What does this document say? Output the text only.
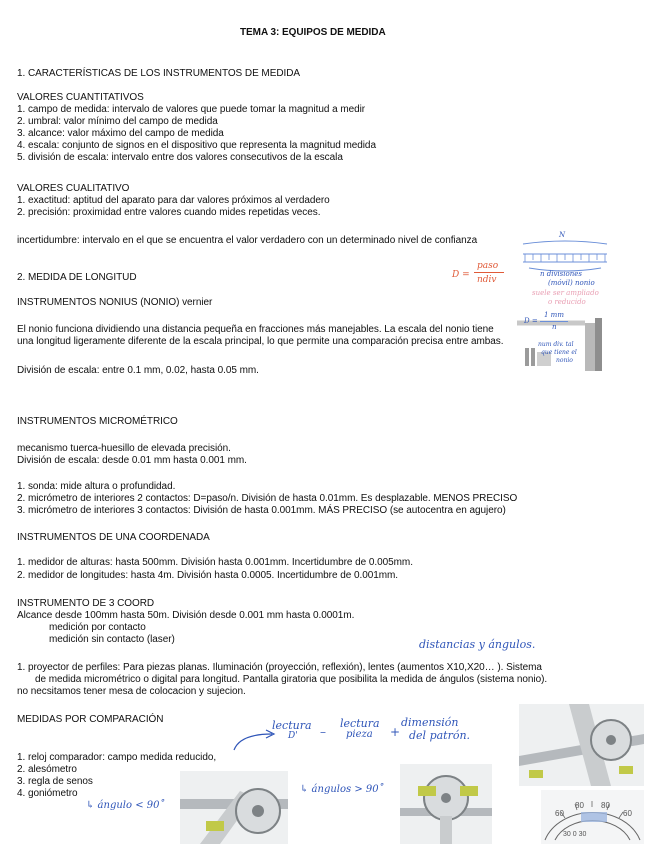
TEMA 3: EQUIPOS DE MEDIDA
1. CARACTERÍSTICAS DE LOS INSTRUMENTOS DE MEDIDA
VALORES CUANTITATIVOS
1. campo de medida: intervalo de valores que puede tomar la magnitud a medir
2. umbral: valor mínimo del campo de medida
3. alcance: valor máximo del campo de medida
4. escala: conjunto de signos en el dispositivo que representa la magnitud medida
5. división de escala: intervalo entre dos valores consecutivos de la escala
VALORES CUALITATIVO
1. exactitud: aptitud del aparato para dar valores próximos al verdadero
2. precisión: proximidad entre valores cuando mides repetidas veces.
incertidumbre: intervalo en el que se encuentra el valor verdadero con un determinado nivel de confianza
2. MEDIDA DE LONGITUD	D =
paso
ndiv
INSTRUMENTOS NONIUS (NONIO) vernier
El nonio funciona dividiendo una distancia pequeña en fracciones más manejables. La escala del nonio tiene una longitud ligeramente diferente de la escala principal, lo que permite una comparación precisa entre ambas.
División de escala: entre 0.1 mm, 0.02, hasta 0.05 mm.
N
n divisiones
(móvil) nonio
suele ser ampliado
o reducido
D =
1 mm
n
num div. tal
que tiene el
nonio
INSTRUMENTOS MICROMÉTRICO
mecanismo tuerca-huesillo de elevada precisión.
División de escala: desde 0.01 mm hasta 0.001 mm.
1. sonda: mide altura o profundidad.
2. micrómetro de interiores 2 contactos: D=paso/n. División de hasta 0.01mm. Es desplazable. MENOS PRECISO
3. micrómetro de interiores 3 contactos: División de hasta 0.001mm. MÁS PRECISO (se autocentra en agujero)
INSTRUMENTOS DE UNA COORDENADA
1. medidor de alturas: hasta 500mm. División hasta 0.001mm. Incertidumbre de 0.005mm.
2. medidor de longitudes: hasta 4m. División hasta 0.0005. Incertidumbre de 0.001mm.
INSTRUMENTO DE 3 COORD
Alcance desde 100mm hasta 50m. División desde 0.001 mm hasta 0.0001m.
medición por contacto
medición sin contacto (laser)	distancias y ángulos.
1. proyector de perfiles: Para piezas planas. Iluminación (proyección, reflexión), lentes (aumentos X10,X20… ). Sistema
de medida micrométrico o digital para longitud. Pantalla giratoria que posibilita la medida de ángulos (sistema nonio).
no necsitamos tener mesa de colocacion y sujecion.
MEDIDAS POR COMPARACIÓN	lectura
D' –
lectura
pieza +
dimensión
del patrón.
1. reloj comparador: campo medida reducido,
2. alesómetro
3. regla de senos
4. goniómetro
↳ ángulo < 90˚
↳ ángulos > 90˚
60
80 80
60
30 0 30
